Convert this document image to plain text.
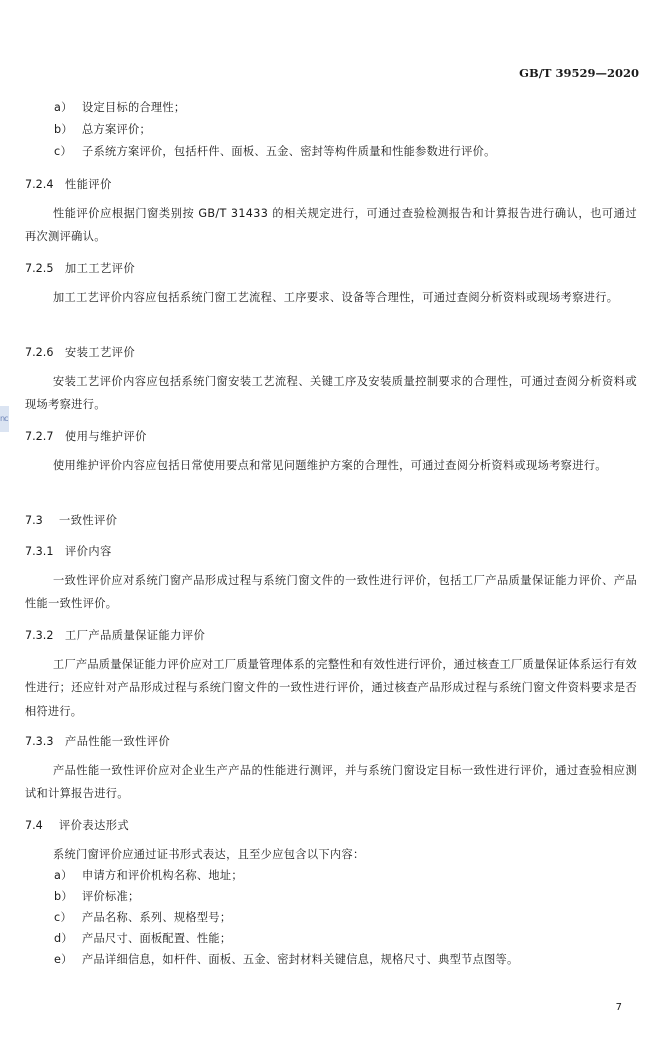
nc
GB/T 39529—2020
a） 设定目标的合理性；
b） 总方案评价；
c） 子系统方案评价，包括杆件、面板、五金、密封等构件质量和性能参数进行评价。
7.2.4 性能评价
性能评价应根据门窗类别按 GB/T 31433 的相关规定进行，可通过查验检测报告和计算报告进行确认，也可通过再次测评确认。
7.2.5 加工工艺评价
加工工艺评价内容应包括系统门窗工艺流程、工序要求、设备等合理性，可通过查阅分析资料或现场考察进行。
7.2.6 安装工艺评价
安装工艺评价内容应包括系统门窗安装工艺流程、关键工序及安装质量控制要求的合理性，可通过查阅分析资料或现场考察进行。
7.2.7 使用与维护评价
使用维护评价内容应包括日常使用要点和常见问题维护方案的合理性，可通过查阅分析资料或现场考察进行。
7.3 一致性评价
7.3.1 评价内容
一致性评价应对系统门窗产品形成过程与系统门窗文件的一致性进行评价，包括工厂产品质量保证能力评价、产品性能一致性评价。
7.3.2 工厂产品质量保证能力评价
工厂产品质量保证能力评价应对工厂质量管理体系的完整性和有效性进行评价，通过核查工厂质量保证体系运行有效性进行；还应针对产品形成过程与系统门窗文件的一致性进行评价，通过核查产品形成过程与系统门窗文件资料要求是否相符进行。
7.3.3 产品性能一致性评价
产品性能一致性评价应对企业生产产品的性能进行测评，并与系统门窗设定目标一致性进行评价，通过查验相应测试和计算报告进行。
7.4 评价表达形式
系统门窗评价应通过证书形式表达，且至少应包含以下内容：
a） 申请方和评价机构名称、地址；
b） 评价标准；
c） 产品名称、系列、规格型号；
d） 产品尺寸、面板配置、性能；
e） 产品详细信息，如杆件、面板、五金、密封材料关键信息，规格尺寸、典型节点图等。
7
